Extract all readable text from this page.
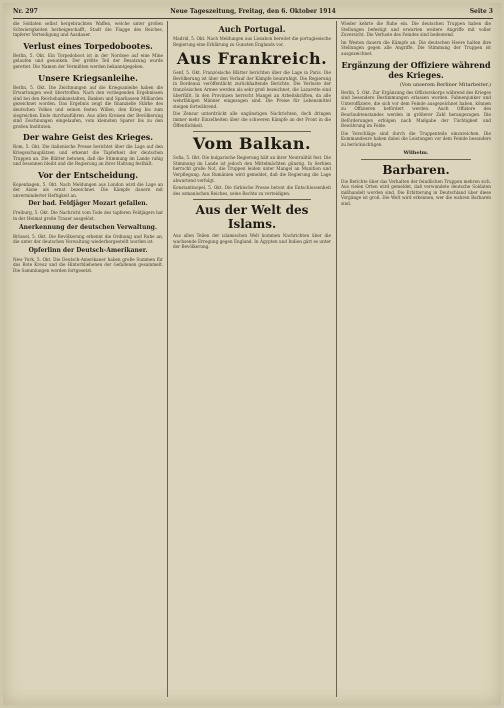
Nr. 297	Neue Tageszeitung, Freitag, den 6. Oktober 1914	Seite 3

die Soldaten selbst hergebrachten Waffen, welche unter großen Schwierigkeiten herbeigeschafft, Stadt die Flagge des Reiches, tapferer Verteidigung und Ausdauer.

Verlust eines Torpedobootes.

Berlin, 5. Okt. Ein Torpedoboot ist in der Nordsee auf eine Mine gelaufen und gesunken. Der größte Teil der Besatzung wurde gerettet. Die Namen der Vermißten werden bekanntgegeben.

Unsere Kriegsanleihe.

Berlin, 5. Okt. Die Zeichnungen auf die Kriegsanleihe haben die Erwartungen weit übertroffen. Nach den vorliegenden Ergebnissen sind bei den Reichsbankanstalten, Banken und Sparkassen Milliarden gezeichnet worden. Das Ergebnis zeigt die finanzielle Stärke des deutschen Volkes und seinen festen Willen, den Krieg bis zum siegreichen Ende durchzuführen. Aus allen Kreisen der Bevölkerung sind Zeichnungen eingelaufen, vom kleinsten Sparer bis zu den großen Instituten.

Der wahre Geist des Krieges.

Rom, 5. Okt. Die italienische Presse berichtet über die Lage auf den Kriegsschauplätzen und erkennt die Tapferkeit der deutschen Truppen an. Die Blätter betonen, daß die Stimmung im Lande ruhig und besonnen bleibt und die Regierung an ihrer Haltung festhält.

Vor der Entscheidung.

Kopenhagen, 5. Okt. Nach Meldungen aus London wird die Lage an der Aisne als ernst bezeichnet. Die Kämpfe dauern mit unverminderter Heftigkeit an.

Der bad. Feldjäger Mozart gefallen.

Freiburg, 5. Okt. Die Nachricht vom Tode des tapferen Feldjägers hat in der Heimat große Trauer ausgelöst.

Anerkennung der deutschen Verwaltung.

Brüssel, 5. Okt. Die Bevölkerung erkennt die Ordnung und Ruhe an, die unter der deutschen Verwaltung wiederhergestellt worden ist.

Opferlinn der Deutsch-Amerikaner.

New York, 5. Okt. Die Deutsch-Amerikaner haben große Summen für das Rote Kreuz und die Hinterbliebenen der Gefallenen gesammelt. Die Sammlungen werden fortgesetzt.

Auch Portugal.

Madrid, 5. Okt. Nach Meldungen aus Lissabon bereitet die portugiesische Regierung eine Erklärung zu Gunsten Englands vor.

Aus Frankreich.

Genf, 5. Okt. Französische Blätter berichten über die Lage in Paris. Die Bevölkerung ist über den Verlauf der Kämpfe beunruhigt. Die Regierung in Bordeaux veröffentlicht zurückhaltende Berichte. Die Verluste der französischen Armee werden als sehr groß bezeichnet, die Lazarette sind überfüllt. In den Provinzen herrscht Mangel an Arbeitskräften, da alle wehrfähigen Männer eingezogen sind. Die Preise für Lebensmittel steigen fortwährend.

Die Zensur unterdrückt alle ungünstigen Nachrichten, doch dringen immer mehr Einzelheiten über die schweren Kämpfe an der Front in die Öffentlichkeit.

Vom Balkan.

Sofia, 5. Okt. Die bulgarische Regierung hält an ihrer Neutralität fest. Die Stimmung im Lande ist jedoch den Mittelmächten günstig. In Serbien herrscht große Not, die Truppen leiden unter Mangel an Munition und Verpflegung. Aus Rumänien wird gemeldet, daß die Regierung die Lage abwartend verfolgt.

Konstantinopel, 5. Okt. Die türkische Presse betont die Entschlossenheit des osmanischen Reiches, seine Rechte zu verteidigen.

Aus der Welt des Islams.

Aus allen Teilen der islamischen Welt kommen Nachrichten über die wachsende Erregung gegen England. In Ägypten und Indien gärt es unter der Bevölkerung.

Wieder kehrte die Ruhe ein. Die deutschen Truppen haben die Stellungen befestigt und erwarten weitere Angriffe mit voller Zuversicht. Die Verluste des Feindes sind bedeutend.

Im Westen dauern die Kämpfe an. Die deutschen Heere halten ihre Stellungen gegen alle Angriffe. Die Stimmung der Truppen ist ausgezeichnet.

Ergänzung der Offiziere während des Krieges.
(Von unserem Berliner Mitarbeiter.)

Berlin, 5. Okt. Zur Ergänzung des Offizierskorps während des Krieges sind besondere Bestimmungen erlassen worden. Fahnenjunker und Unteroffiziere, die sich vor dem Feinde ausgezeichnet haben, können zu Offizieren befördert werden. Auch Offiziere des Beurlaubtenstandes werden in größerer Zahl herangezogen. Die Beförderungen erfolgen nach Maßgabe der Tüchtigkeit und Bewährung im Felde.

Die Vorschläge sind durch die Truppenteile einzureichen. Die Kommandeure haben dabei die Leistungen vor dem Feinde besonders zu berücksichtigen.

Wilhelm.
Barbaren.

Die Berichte über das Verhalten der feindlichen Truppen mehren sich. Aus vielen Orten wird gemeldet, daß verwundete deutsche Soldaten mißhandelt worden sind. Die Erbitterung in Deutschland über diese Vorgänge ist groß. Die Welt wird erkennen, wer die wahren Barbaren sind.
